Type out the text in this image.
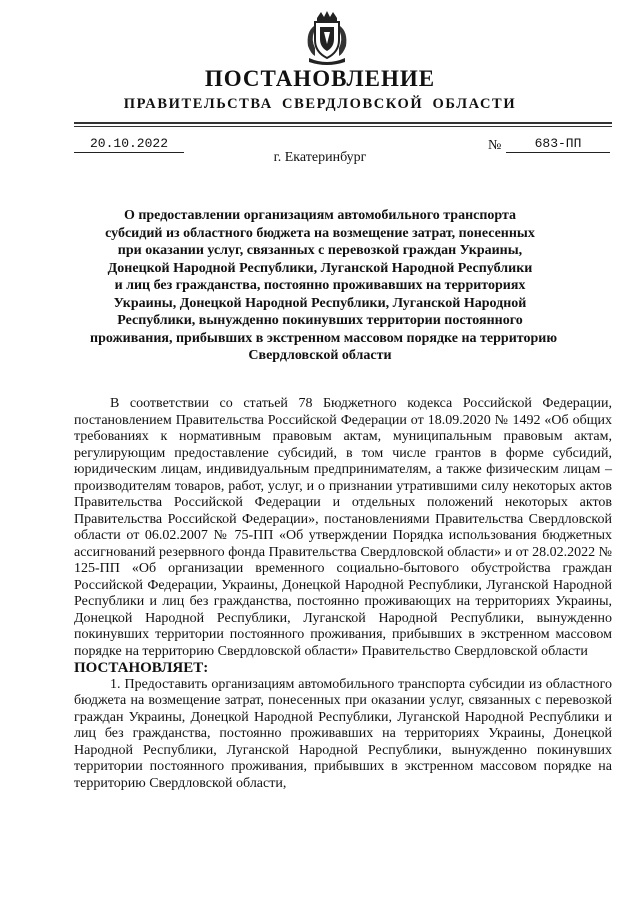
ПОСТАНОВЛЕНИЕ
ПРАВИТЕЛЬСТВА СВЕРДЛОВСКОЙ ОБЛАСТИ
20.10.2022	№	683-ПП
г. Екатеринбург
О предоставлении организациям автомобильного транспорта
субсидий из областного бюджета на возмещение затрат, понесенных
при оказании услуг, связанных с перевозкой граждан Украины,
Донецкой Народной Республики, Луганской Народной Республики
и лиц без гражданства, постоянно проживавших на территориях
Украины, Донецкой Народной Республики, Луганской Народной
Республики, вынужденно покинувших территории постоянного
проживания, прибывших в экстренном массовом порядке на территорию
Свердловской области

В соответствии со статьей 78 Бюджетного кодекса Российской Федерации, постановлением Правительства Российской Федерации от 18.09.2020 № 1492 «Об общих требованиях к нормативным правовым актам, муниципальным правовым актам, регулирующим предоставление субсидий, в том числе грантов в форме субсидий, юридическим лицам, индивидуальным предпринимателям, а также физическим лицам – производителям товаров, работ, услуг, и о признании утратившими силу некоторых актов Правительства Российской Федерации и отдельных положений некоторых актов Правительства Российской Федерации», постановлениями Правительства Свердловской области от 06.02.2007 № 75-ПП «Об утверждении Порядка использования бюджетных ассигнований резервного фонда Правительства Свердловской области» и от 28.02.2022 № 125-ПП «Об организации временного социально-бытового обустройства граждан Российской Федерации, Украины, Донецкой Народной Республики, Луганской Народной Республики и лиц без гражданства, постоянно проживающих на территориях Украины, Донецкой Народной Республики, Луганской Народной Республики, вынужденно покинувших территории постоянного проживания, прибывших в экстренном массовом порядке на территорию Свердловской области» Правительство Свердловской области

ПОСТАНОВЛЯЕТ:

1. Предоставить организациям автомобильного транспорта субсидии из областного бюджета на возмещение затрат, понесенных при оказании услуг, связанных с перевозкой граждан Украины, Донецкой Народной Республики, Луганской Народной Республики и лиц без гражданства, постоянно проживавших на территориях Украины, Донецкой Народной Республики, Луганской Народной Республики, вынужденно покинувших территории постоянного проживания, прибывших в экстренном массовом порядке на территорию Свердловской области,
